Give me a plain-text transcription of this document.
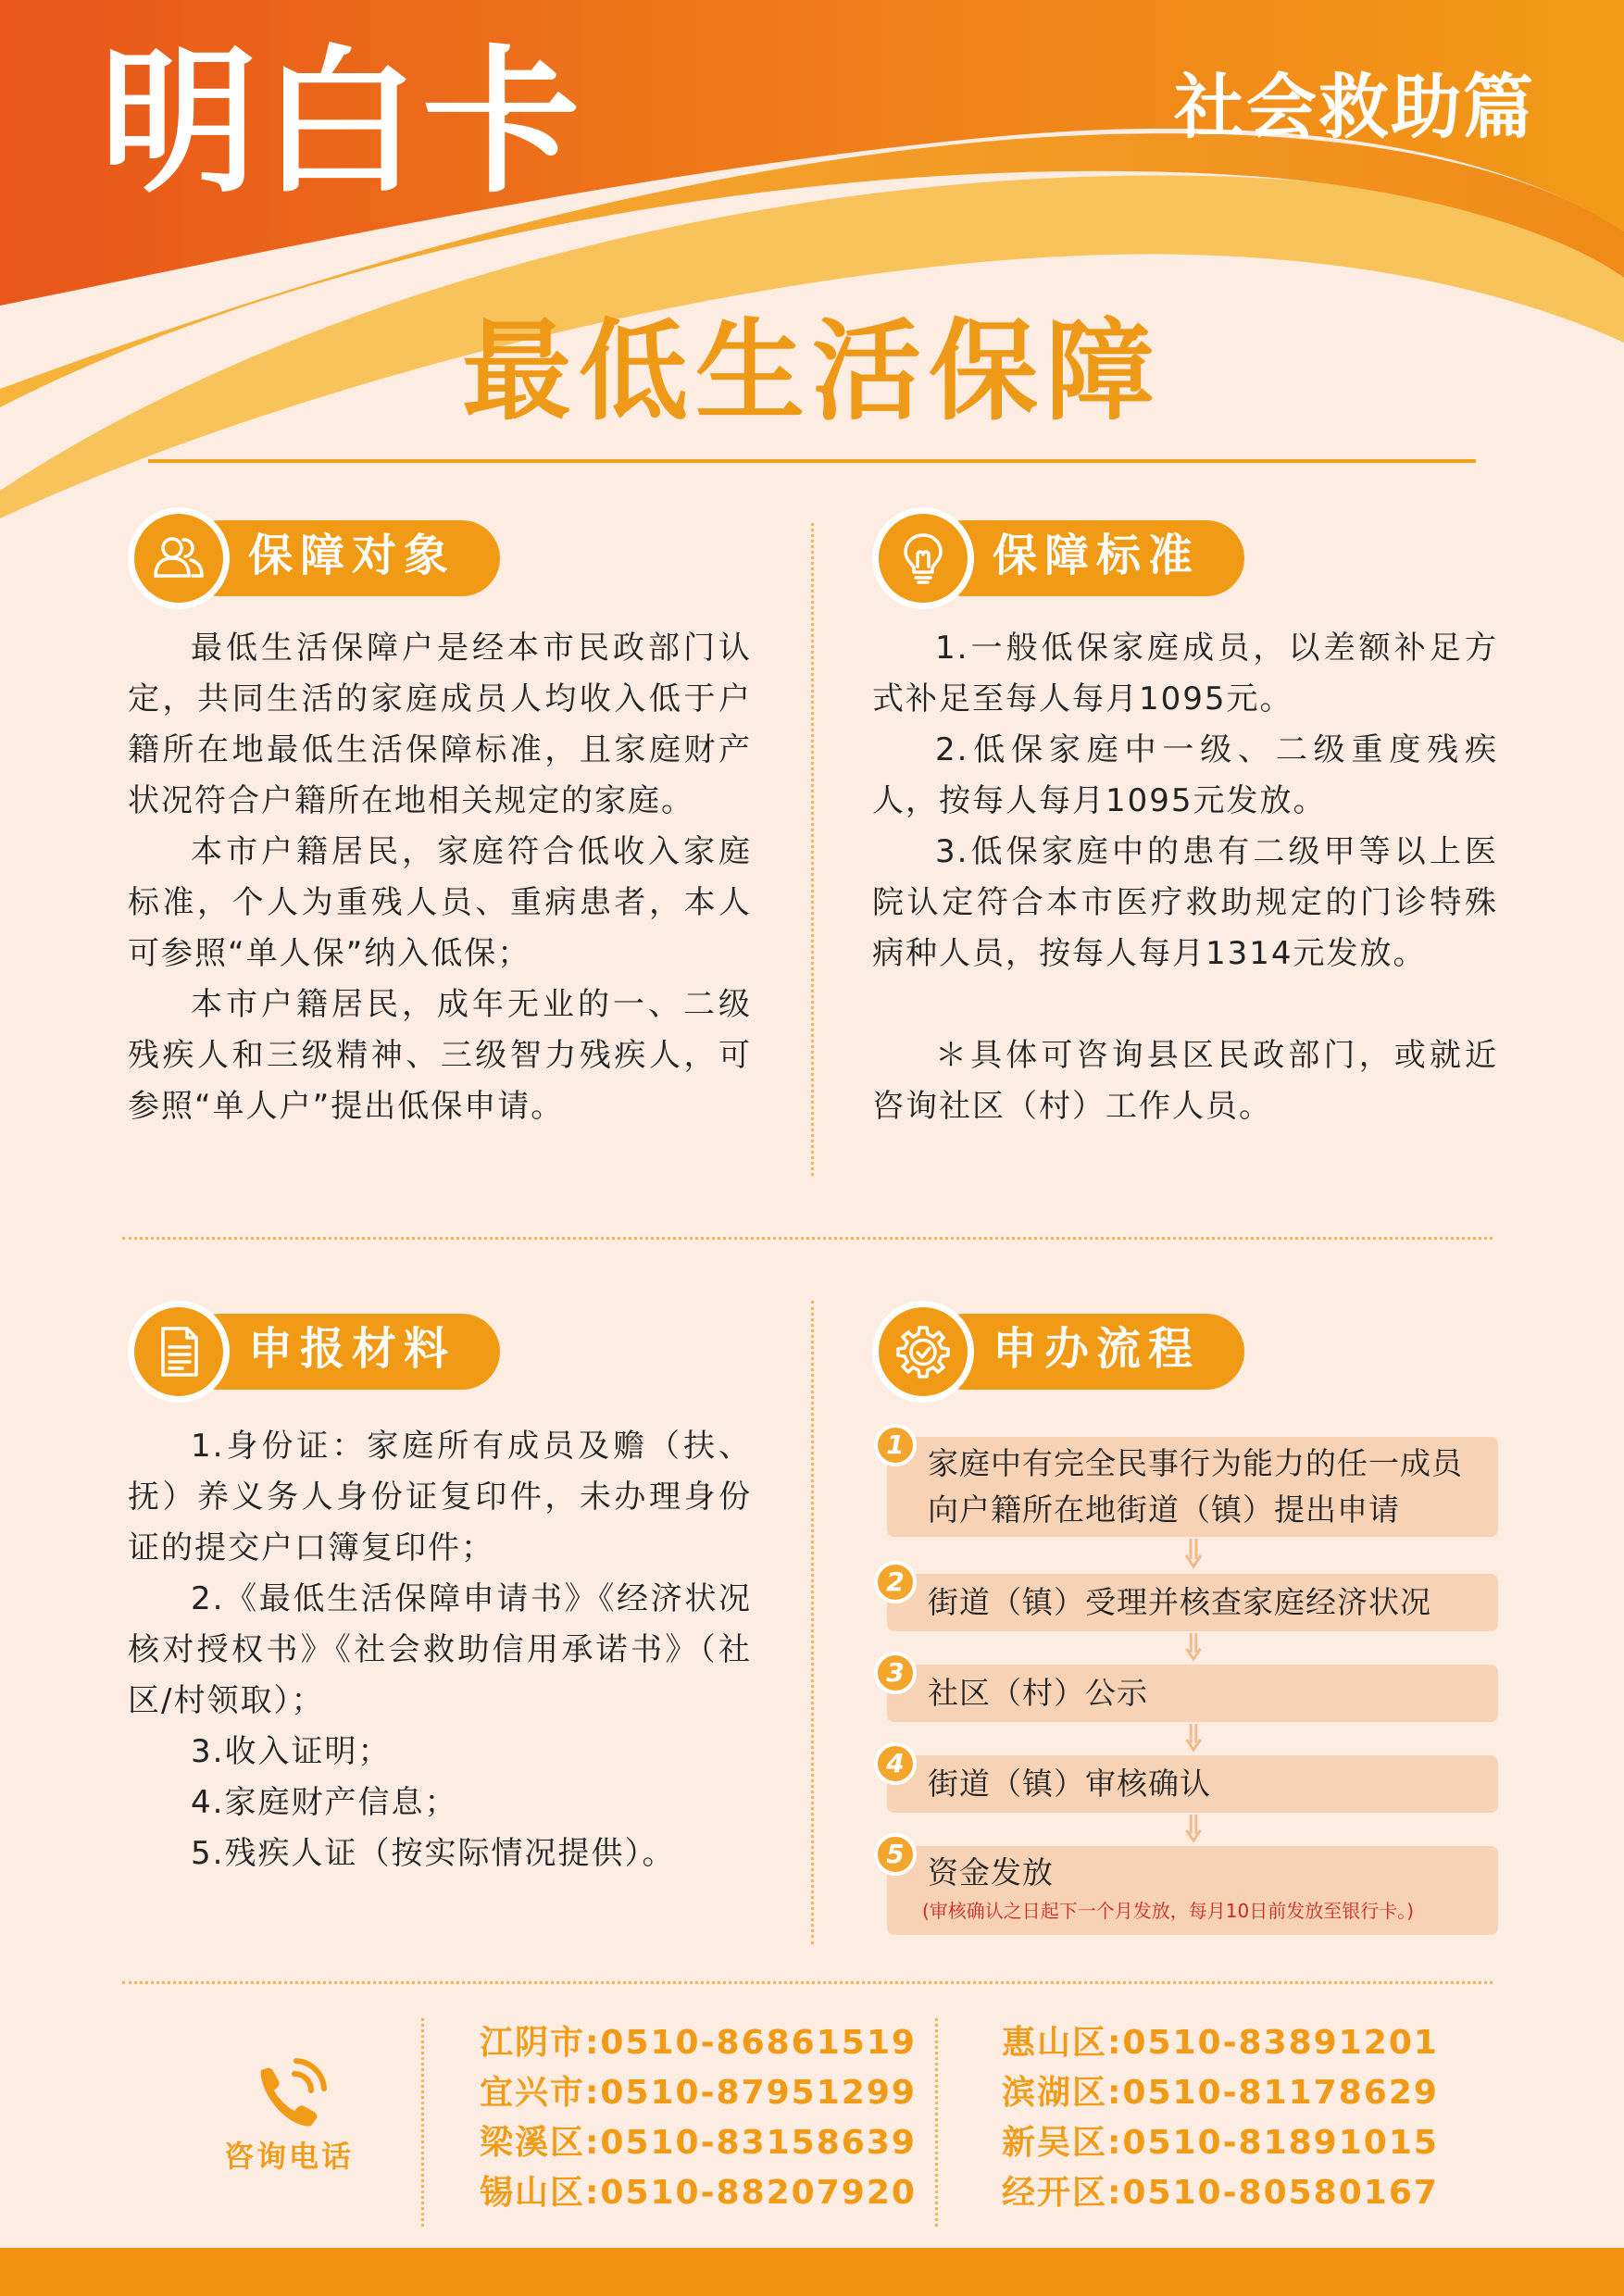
明白卡	社会救助篇
最低生活保障
保障对象

最低生活保障户是经本市民政部门认定，共同生活的家庭成员人均收入低于户籍所在地最低生活保障标准，且家庭财产状况符合户籍所在地相关规定的家庭。

本市户籍居民，家庭符合低收入家庭标准，个人为重残人员、重病患者，本人可参照“单人保”纳入低保；

本市户籍居民，成年无业的一、二级残疾人和三级精神、三级智力残疾人，可参照“单人户”提出低保申请。

保障标准

1.一般低保家庭成员，以差额补足方式补足至每人每月1095元。

2.低保家庭中一级、二级重度残疾人，按每人每月1095元发放。

3.低保家庭中的患有二级甲等以上医院认定符合本市医疗救助规定的门诊特殊病种人员，按每人每月1314元发放。

＊具体可咨询县区民政部门，或就近咨询社区（村）工作人员。

申报材料

1.身份证：家庭所有成员及赡（扶、抚）养义务人身份证复印件，未办理身份证的提交户口簿复印件；

2.《最低生活保障申请书》《经济状况核对授权书》《社会救助信用承诺书》（社区/村领取）；

3.收入证明；

4.家庭财产信息；

5.残疾人证（按实际情况提供）。

申办流程
1
家庭中有完全民事行为能力的任一成员
向户籍所在地街道（镇）提出申请
2
街道（镇）受理并核查家庭经济状况
3
社区（村）公示
4
街道（镇）审核确认
5
资金发放
(审核确认之日起下一个月发放，每月10日前发放至银行卡。)
咨询电话
江阴市:0510-86861519
宜兴市:0510-87951299
梁溪区:0510-83158639
锡山区:0510-88207920
惠山区:0510-83891201
滨湖区:0510-81178629
新吴区:0510-81891015
经开区:0510-80580167
